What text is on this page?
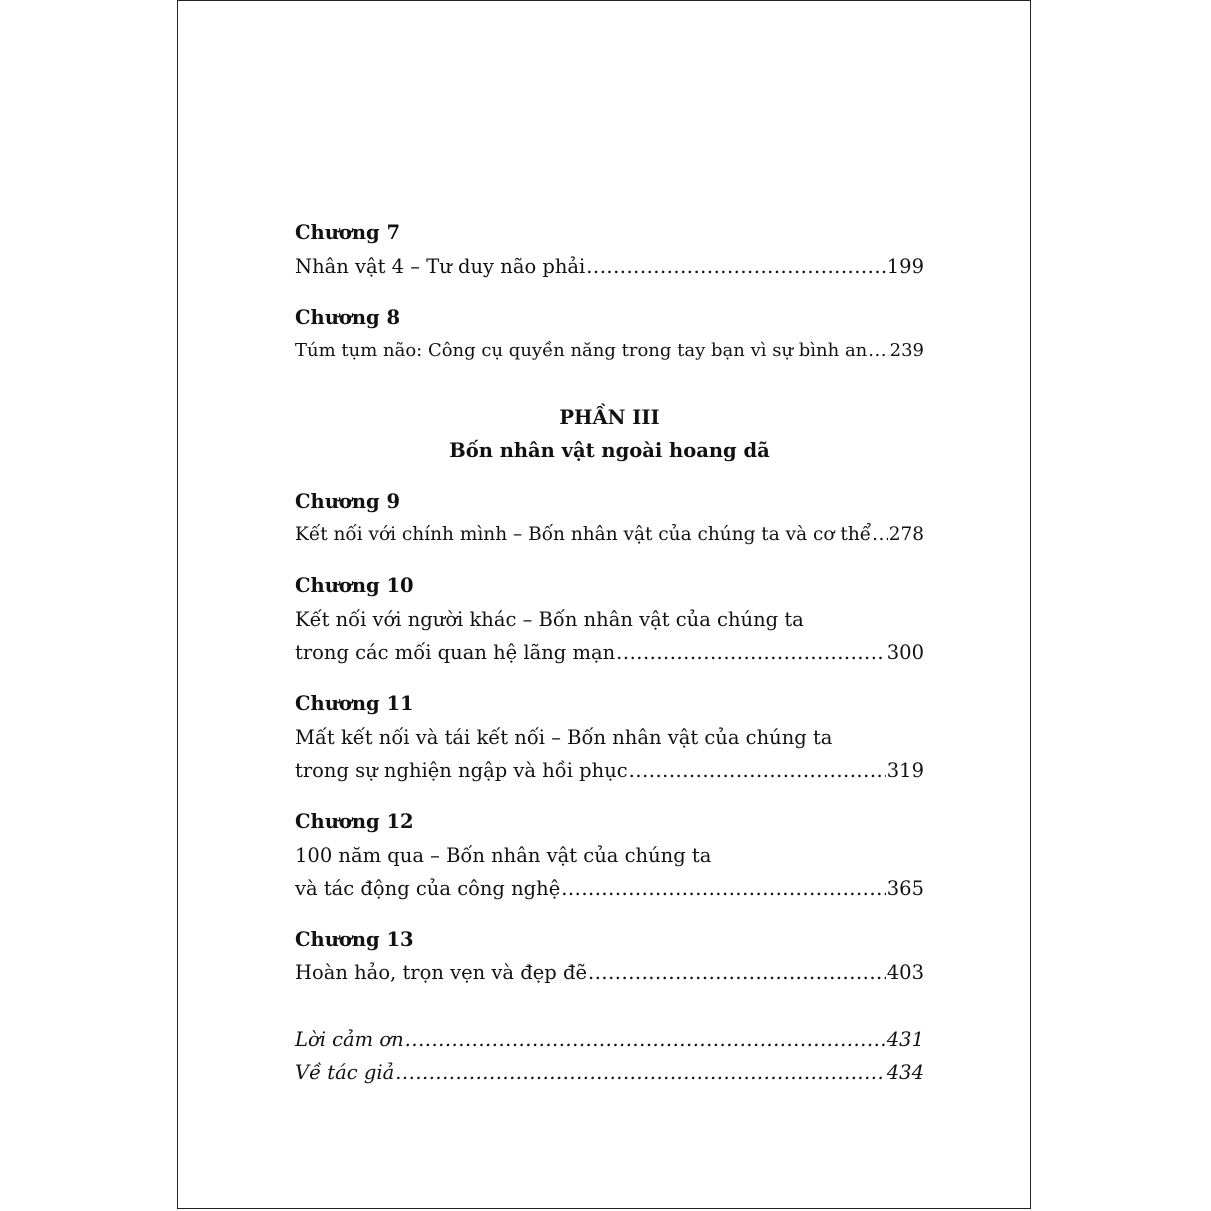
Chương 7
Nhân vật 4 – Tư duy não phải .....	199
Chương 8
Túm tụm não: Công cụ quyền năng trong tay bạn vì sự bình an ..... 239
PHẦN III
Bốn nhân vật ngoài hoang dã
Chương 9
Kết nối với chính mình – Bốn nhân vật của chúng ta và cơ thể ..... 278
Chương 10
Kết nối với người khác – Bốn nhân vật của chúng ta
trong các mối quan hệ lãng mạn .....	300
Chương 11
Mất kết nối và tái kết nối – Bốn nhân vật của chúng ta
trong sự nghiện ngập và hồi phục .....	319
Chương 12
100 năm qua – Bốn nhân vật của chúng ta
và tác động của công nghệ .....	365
Chương 13
Hoàn hảo, trọn vẹn và đẹp đẽ .....	403
Lời cảm ơn .....	431
Về tác giả .....	434
